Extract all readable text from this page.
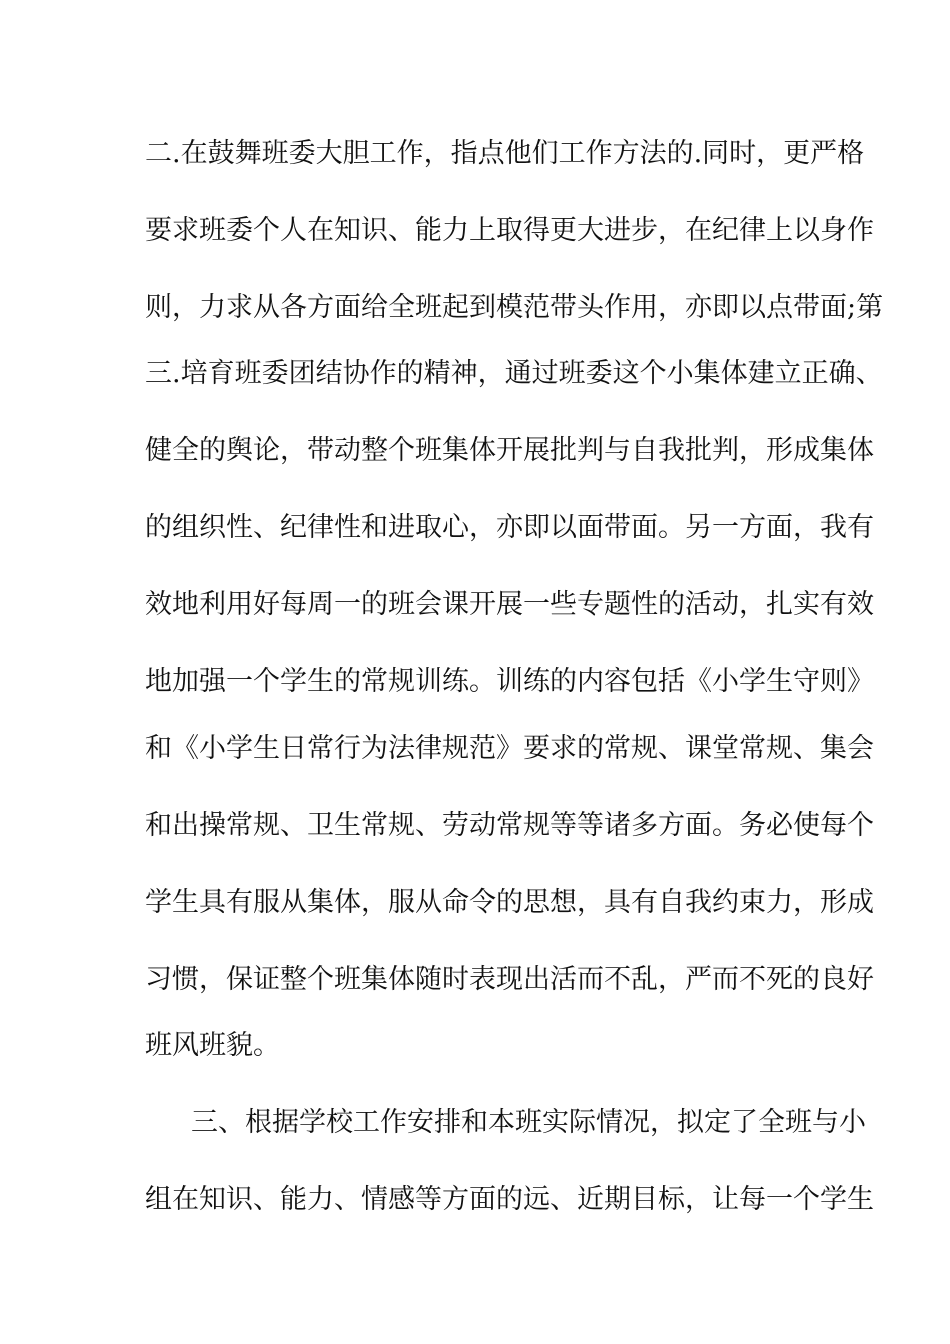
二.在鼓舞班委大胆工作，指点他们工作方法的.同时，更严格
要求班委个人在知识、能力上取得更大进步，在纪律上以身作
则，力求从各方面给全班起到模范带头作用，亦即以点带面;第
三.培育班委团结协作的精神，通过班委这个小集体建立正确、
健全的舆论，带动整个班集体开展批判与自我批判，形成集体
的组织性、纪律性和进取心，亦即以面带面。另一方面，我有
效地利用好每周一的班会课开展一些专题性的活动，扎实有效
地加强一个学生的常规训练。训练的内容包括《小学生守则》
和《小学生日常行为法律规范》要求的常规、课堂常规、集会
和出操常规、卫生常规、劳动常规等等诸多方面。务必使每个
学生具有服从集体，服从命令的思想，具有自我约束力，形成
习惯，保证整个班集体随时表现出活而不乱，严而不死的良好
班风班貌。
三、根据学校工作安排和本班实际情况，拟定了全班与小
组在知识、能力、情感等方面的远、近期目标，让每一个学生
